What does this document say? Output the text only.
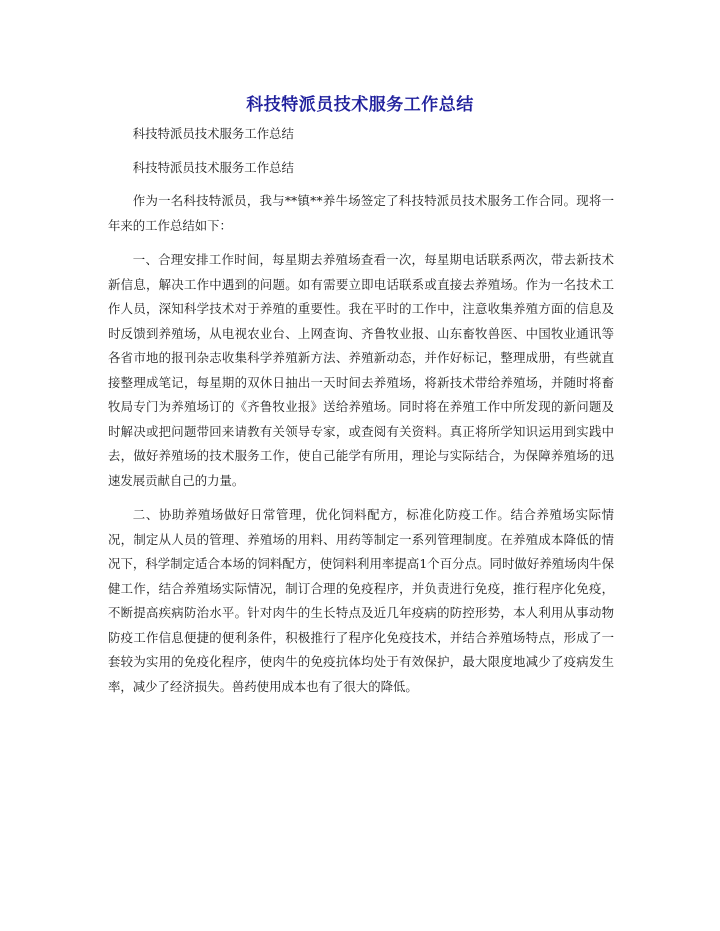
科技特派员技术服务工作总结

科技特派员技术服务工作总结

科技特派员技术服务工作总结

作为一名科技特派员，我与**镇**养牛场签定了科技特派员技术服务工作合同。现将一年来的工作总结如下：

一、合理安排工作时间，每星期去养殖场查看一次，每星期电话联系两次，带去新技术新信息，解决工作中遇到的问题。如有需要立即电话联系或直接去养殖场。作为一名技术工作人员，深知科学技术对于养殖的重要性。我在平时的工作中，注意收集养殖方面的信息及时反馈到养殖场，从电视农业台、上网查询、齐鲁牧业报、山东畜牧兽医、中国牧业通讯等各省市地的报刊杂志收集科学养殖新方法、养殖新动态，并作好标记，整理成册，有些就直接整理成笔记，每星期的双休日抽出一天时间去养殖场，将新技术带给养殖场，并随时将畜牧局专门为养殖场订的《齐鲁牧业报》送给养殖场。同时将在养殖工作中所发现的新问题及时解决或把问题带回来请教有关领导专家，或查阅有关资料。真正将所学知识运用到实践中去，做好养殖场的技术服务工作，使自己能学有所用，理论与实际结合，为保障养殖场的迅速发展贡献自己的力量。

二、协助养殖场做好日常管理，优化饲料配方，标准化防疫工作。结合养殖场实际情况，制定从人员的管理、养殖场的用料、用药等制定一系列管理制度。在养殖成本降低的情况下，科学制定适合本场的饲料配方，使饲料利用率提高1个百分点。同时做好养殖场肉牛保健工作，结合养殖场实际情况，制订合理的免疫程序，并负责进行免疫，推行程序化免疫，不断提高疾病防治水平。针对肉牛的生长特点及近几年疫病的防控形势，本人利用从事动物防疫工作信息便捷的便利条件，积极推行了程序化免疫技术，并结合养殖场特点，形成了一套较为实用的免疫化程序，使肉牛的免疫抗体均处于有效保护，最大限度地减少了疫病发生率，减少了经济损失。兽药使用成本也有了很大的降低。
